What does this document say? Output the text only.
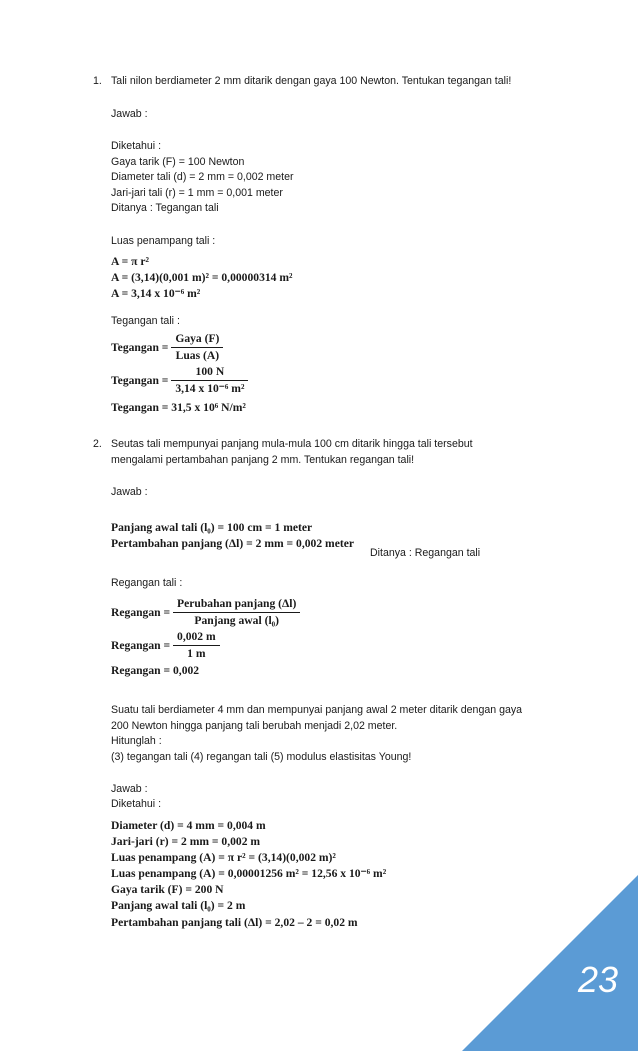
1. Tali nilon berdiameter 2 mm ditarik dengan gaya 100 Newton. Tentukan tegangan tali!
Jawab :
Diketahui :
Gaya tarik (F) = 100 Newton
Diameter tali (d) = 2 mm = 0,002 meter
Jari-jari tali (r) = 1 mm = 0,001 meter
Ditanya : Tegangan tali
Luas penampang tali :
A = π r²
A = (3,14)(0,001 m)² = 0,00000314 m²
A = 3,14 x 10⁻⁶ m²
Tegangan tali :
Tegangan = $\frac{\text{Gaya (F)}}{\text{Luas (A)}}$
Tegangan = $\frac{100 N}{\text{3,14 x 10⁻⁶ m²}}$
Tegangan = 31,5 x 10⁶ N/m²
2. Seutas tali mempunyai panjang mula-mula 100 cm ditarik hingga tali tersebut
mengalami pertambahan panjang 2 mm. Tentukan regangan tali!
Jawab :
Panjang awal tali (l₀) = 100 cm = 1 meter
Pertambahan panjang (Δl) = 2 mm = 0,002 meter
Ditanya : Regangan tali
Regangan tali :
Regangan = $\frac{\text{Perubahan panjang (Δl)}}{\text{Panjang awal (l₀)}}$
Regangan = $\frac{0,002 m}{1 m}$
Regangan = 0,002
Suatu tali berdiameter 4 mm dan mempunyai panjang awal 2 meter ditarik dengan gaya
200 Newton hingga panjang tali berubah menjadi 2,02 meter.
Hitunglah :
(3) tegangan tali (4) regangan tali (5) modulus elastisitas Young!
Jawab :
Diketahui :
Diameter (d) = 4 mm = 0,004 m
Jari-jari (r) = 2 mm = 0,002 m
Luas penampang (A) = π r² = (3,14)(0,002 m)²
Luas penampang (A) = 0,00001256 m² = 12,56 x 10⁻⁶ m²
Gaya tarik (F) = 200 N
Panjang awal tali (l₀) = 2 m
Pertambahan panjang tali (Δl) = 2,02 – 2 = 0,02 m
23
